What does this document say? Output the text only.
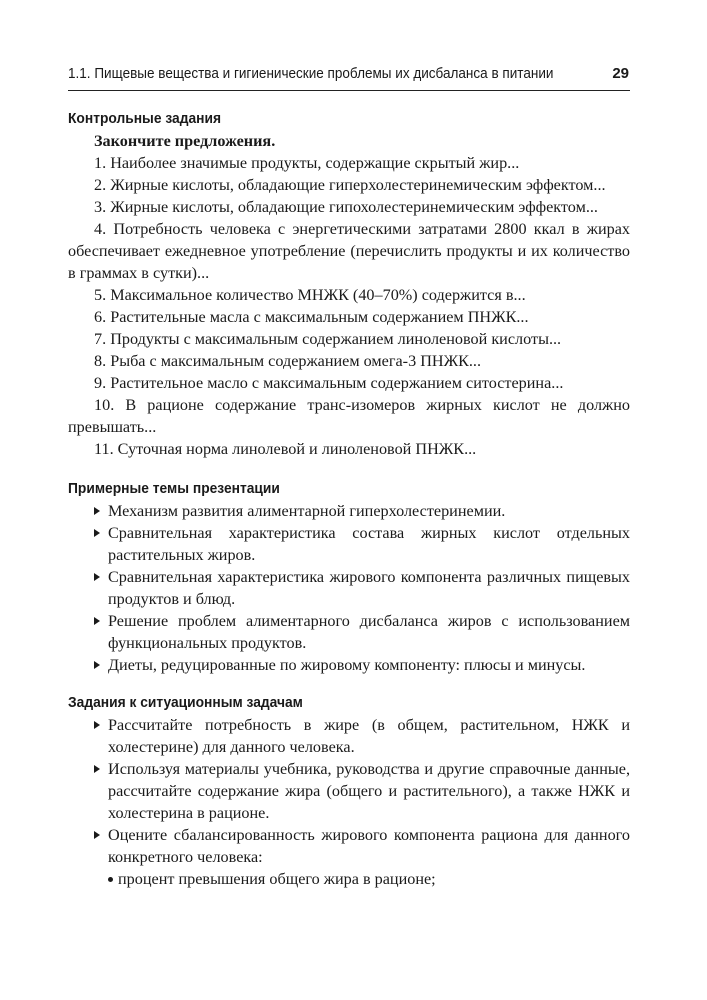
1.1. Пищевые вещества и гигиенические проблемы их дисбаланса в питании	29
Контрольные задания

Закончите предложения.

1. Наиболее значимые продукты, содержащие скрытый жир...

2. Жирные кислоты, обладающие гиперхолестеринемическим эффектом...

3. Жирные кислоты, обладающие гипохолестеринемическим эффектом...

4. Потребность человека с энергетическими затратами 2800 ккал в жирах обеспечивает ежедневное употребление (перечислить продукты и их количество в граммах в сутки)...

5. Максимальное количество МНЖК (40–70%) содержится в...

6. Растительные масла с максимальным содержанием ПНЖК...

7. Продукты с максимальным содержанием линоленовой кислоты...

8. Рыба с максимальным содержанием омега-3 ПНЖК...

9. Растительное масло с максимальным содержанием ситостерина...

10. В рационе содержание транс-изомеров жирных кислот не должно превышать...

11. Суточная норма линолевой и линоленовой ПНЖК...

Примерные темы презентации
Механизм развития алиментарной гиперхолестеринемии.
Сравнительная характеристика состава жирных кислот отдельных растительных жиров.
Сравнительная характеристика жирового компонента различных пищевых продуктов и блюд.
Решение проблем алиментарного дисбаланса жиров с использованием функциональных продуктов.
Диеты, редуцированные по жировому компоненту: плюсы и минусы.
Задания к ситуационным задачам
Рассчитайте потребность в жире (в общем, растительном, НЖК и холестерине) для данного человека.
Используя материалы учебника, руководства и другие справочные данные, рассчитайте содержание жира (общего и растительного), а также НЖК и холестерина в рационе.
Оцените сбалансированность жирового компонента рациона для данного конкретного человека:
процент превышения общего жира в рационе;
